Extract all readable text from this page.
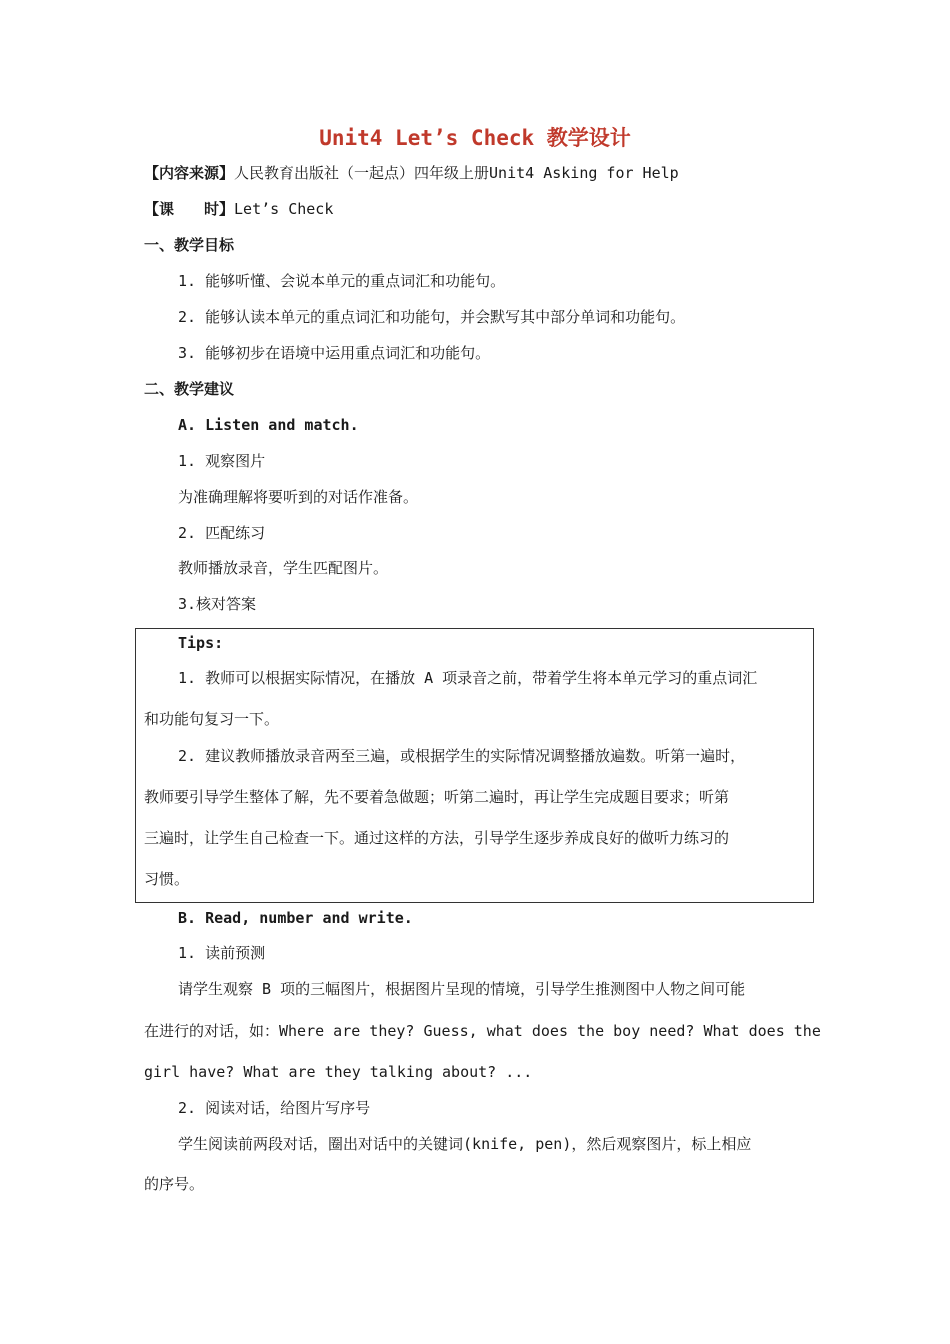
Unit4 Let’s Check 教学设计
【内容来源】人民教育出版社（一起点）四年级上册Unit4 Asking for Help
【课　　时】Let’s Check
一、教学目标
1. 能够听懂、会说本单元的重点词汇和功能句。
2. 能够认读本单元的重点词汇和功能句，并会默写其中部分单词和功能句。
3. 能够初步在语境中运用重点词汇和功能句。
二、教学建议
A. Listen and match.
1. 观察图片
为准确理解将要听到的对话作准备。
2. 匹配练习
教师播放录音，学生匹配图片。
3.核对答案
Tips:
1. 教师可以根据实际情况，在播放 A 项录音之前，带着学生将本单元学习的重点词汇
和功能句复习一下。
2. 建议教师播放录音两至三遍，或根据学生的实际情况调整播放遍数。听第一遍时，
教师要引导学生整体了解，先不要着急做题；听第二遍时，再让学生完成题目要求；听第
三遍时，让学生自己检查一下。通过这样的方法，引导学生逐步养成良好的做听力练习的
习惯。
B. Read, number and write.
1. 读前预测
请学生观察 B 项的三幅图片，根据图片呈现的情境，引导学生推测图中人物之间可能
在进行的对话，如：Where are they? Guess, what does the boy need? What does the
girl have? What are they talking about? ...
2. 阅读对话，给图片写序号
学生阅读前两段对话，圈出对话中的关键词(knife, pen)，然后观察图片，标上相应
的序号。
